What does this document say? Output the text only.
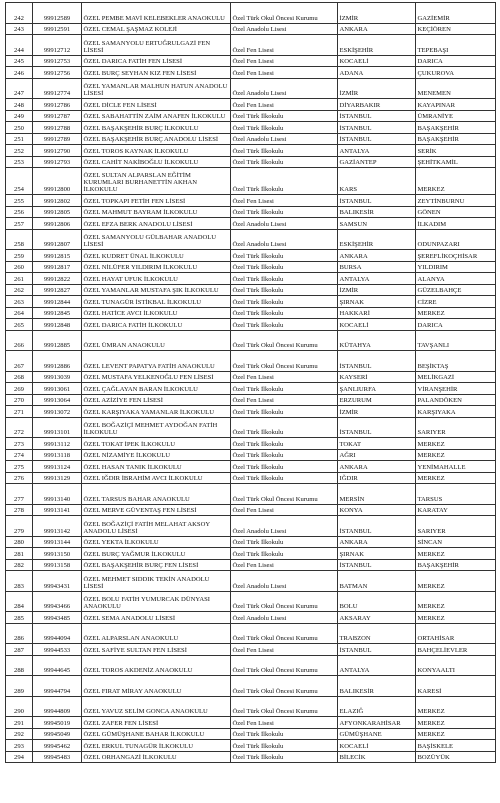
242	99912589	ÖZEL PEMBE MAVİ KELEBEKLER ANAOKULU	Özel Türk Okul Öncesi Kurumu	İZMİR	GAZİEMİR
243	99912591	ÖZEL CEMAL ŞAŞMAZ KOLEJİ	Özel Anadolu Lisesi	ANKARA	KEÇİÖREN
244	99912712	ÖZEL SAMANYOLU ERTUĞRULGAZİ FEN LİSESİ	Özel Fen Lisesi	ESKİŞEHİR	TEPEBAŞI
245	99912753	ÖZEL DARICA FATİH FEN LİSESİ	Özel Fen Lisesi	KOCAELİ	DARICA
246	99912756	ÖZEL BURÇ SEYHAN KIZ FEN LİSESİ	Özel Fen Lisesi	ADANA	ÇUKUROVA
247	99912774	ÖZEL YAMANLAR MALHUN HATUN ANADOLU LİSESİ	Özel Anadolu Lisesi	İZMİR	MENEMEN
248	99912786	ÖZEL DİCLE FEN LİSESİ	Özel Fen Lisesi	DİYARBAKIR	KAYAPINAR
249	99912787	ÖZEL SABAHATTİN ZAİM ANAFEN İLKOKULU	Özel Türk İlkokulu	İSTANBUL	ÜMRANİYE
250	99912788	ÖZEL BAŞAKŞEHİR BURÇ İLKOKULU	Özel Türk İlkokulu	İSTANBUL	BAŞAKŞEHİR
251	99912789	ÖZEL BAŞAKŞEHİR BURÇ ANADOLU LİSESİ	Özel Anadolu Lisesi	İSTANBUL	BAŞAKŞEHİR
252	99912790	ÖZEL TOROS KAYNAK İLKOKULU	Özel Türk İlkokulu	ANTALYA	SERİK
253	99912793	ÖZEL CAHİT NAKİBOĞLU İLKOKULU	Özel Türk İlkokulu	GAZİANTEP	ŞEHİTKAMİL
254	99912800	ÖZEL SULTAN ALPARSLAN EĞİTİM KURUMLARI BURHANETTİN AKHAN İLKOKULU	Özel Türk İlkokulu	KARS	MERKEZ
255	99912802	ÖZEL TOPKAPI FETİH FEN LİSESİ	Özel Fen Lisesi	İSTANBUL	ZEYTİNBURNU
256	99912805	ÖZEL MAHMUT BAYRAM İLKOKULU	Özel Türk İlkokulu	BALIKESİR	GÖNEN
257	99912806	ÖZEL EFZA BERK ANADOLU LİSESİ	Özel Anadolu Lisesi	SAMSUN	İLKADIM
258	99912807	ÖZEL SAMANYOLU GÜLBAHAR ANADOLU LİSESİ	Özel Anadolu Lisesi	ESKİŞEHİR	ODUNPAZARI
259	99912815	ÖZEL KUDRET ÜNAL İLKOKULU	Özel Türk İlkokulu	ANKARA	ŞEREFLİKOÇHİSAR
260	99912817	ÖZEL NİLÜFER YILDIRIM İLKOKULU	Özel Türk İlkokulu	BURSA	YILDIRIM
261	99912822	ÖZEL HAYAT UFUK İLKOKULU	Özel Türk İlkokulu	ANTALYA	ALANYA
262	99912827	ÖZEL YAMANLAR MUSTAFA ŞIK İLKOKULU	Özel Türk İlkokulu	İZMİR	GÜZELBAHÇE
263	99912844	ÖZEL TUNAGÜR İSTİKBAL İLKOKULU	Özel Türk İlkokulu	ŞIRNAK	CİZRE
264	99912845	ÖZEL HATİCE AVCI İLKOKULU	Özel Türk İlkokulu	HAKKARİ	MERKEZ
265	99912848	ÖZEL DARICA FATİH İLKOKULU	Özel Türk İlkokulu	KOCAELİ	DARICA
266	99912885	ÖZEL ÜMRAN ANAOKULU	Özel Türk Okul Öncesi Kurumu	KÜTAHYA	TAVŞANLI
267	99912886	ÖZEL LEVENT PAPATYA FATİH ANAOKULU	Özel Türk Okul Öncesi Kurumu	İSTANBUL	BEŞİKTAŞ
268	99913039	ÖZEL MUSTAFA YELKENOĞLU FEN LİSESİ	Özel Fen Lisesi	KAYSERİ	MELİKGAZİ
269	99913061	ÖZEL ÇAĞLAYAN BARAN İLKOKULU	Özel Türk İlkokulu	ŞANLIURFA	VİRANŞEHİR
270	99913064	ÖZEL AZİZİYE FEN LİSESİ	Özel Fen Lisesi	ERZURUM	PALANDÖKEN
271	99913072	ÖZEL KARŞIYAKA YAMANLAR İLKOKULU	Özel Türk İlkokulu	İZMİR	KARŞIYAKA
272	99913101	ÖZEL BOĞAZİÇİ MEHMET AYDOĞAN FATİH İLKOKULU	Özel Türk İlkokulu	İSTANBUL	SARIYER
273	99913112	ÖZEL TOKAT İPEK İLKOKULU	Özel Türk İlkokulu	TOKAT	MERKEZ
274	99913118	ÖZEL NİZAMİYE İLKOKULU	Özel Türk İlkokulu	AĞRI	MERKEZ
275	99913124	ÖZEL HASAN TANIK İLKOKULU	Özel Türk İlkokulu	ANKARA	YENİMAHALLE
276	99913129	ÖZEL IĞDIR İBRAHİM AVCI İLKOKULU	Özel Türk İlkokulu	IĞDIR	MERKEZ
277	99913140	ÖZEL TARSUS BAHAR ANAOKULU	Özel Türk Okul Öncesi Kurumu	MERSİN	TARSUS
278	99913141	ÖZEL MERVE GÜVENTAŞ FEN LİSESİ	Özel Fen Lisesi	KONYA	KARATAY
279	99913142	ÖZEL BOĞAZİÇİ FATİH MELAHAT AKSOY ANADOLU LİSESİ	Özel Anadolu Lisesi	İSTANBUL	SARIYER
280	99913144	ÖZEL YEKTA İLKOKULU	Özel Türk İlkokulu	ANKARA	SİNCAN
281	99913150	ÖZEL BURÇ YAĞMUR İLKOKULU	Özel Türk İlkokulu	ŞIRNAK	MERKEZ
282	99913158	ÖZEL BAŞAKŞEHİR BURÇ FEN LİSESİ	Özel Fen Lisesi	İSTANBUL	BAŞAKŞEHİR
283	99943431	ÖZEL MEHMET SIDDIK TEKİN ANADOLU LİSESİ	Özel Anadolu Lisesi	BATMAN	MERKEZ
284	99943466	ÖZEL BOLU FATİH YUMURCAK DÜNYASI ANAOKULU	Özel Türk Okul Öncesi Kurumu	BOLU	MERKEZ
285	99943485	ÖZEL SEMA ANADOLU LİSESİ	Özel Anadolu Lisesi	AKSARAY	MERKEZ
286	99944094	ÖZEL ALPARSLAN ANAOKULU	Özel Türk Okul Öncesi Kurumu	TRABZON	ORTAHİSAR
287	99944533	ÖZEL SAFİYE SULTAN FEN LİSESİ	Özel Fen Lisesi	İSTANBUL	BAHÇELİEVLER
288	99944645	ÖZEL TOROS AKDENİZ ANAOKULU	Özel Türk Okul Öncesi Kurumu	ANTALYA	KONYAALTI
289	99944794	ÖZEL FIRAT MİRAY ANAOKULU	Özel Türk Okul Öncesi Kurumu	BALIKESİR	KARESİ
290	99944809	ÖZEL YAVUZ SELİM GONCA ANAOKULU	Özel Türk Okul Öncesi Kurumu	ELAZIĞ	MERKEZ
291	99945019	ÖZEL ZAFER FEN LİSESİ	Özel Fen Lisesi	AFYONKARAHİSAR	MERKEZ
292	99945049	ÖZEL GÜMÜŞHANE BAHAR İLKOKULU	Özel Türk İlkokulu	GÜMÜŞHANE	MERKEZ
293	99945462	ÖZEL ERKUL TUNAGÜR İLKOKULU	Özel Türk İlkokulu	KOCAELİ	BAŞİSKELE
294	99945483	ÖZEL ORHANGAZİ İLKOKULU	Özel Türk İlkokulu	BİLECİK	BOZÜYÜK
